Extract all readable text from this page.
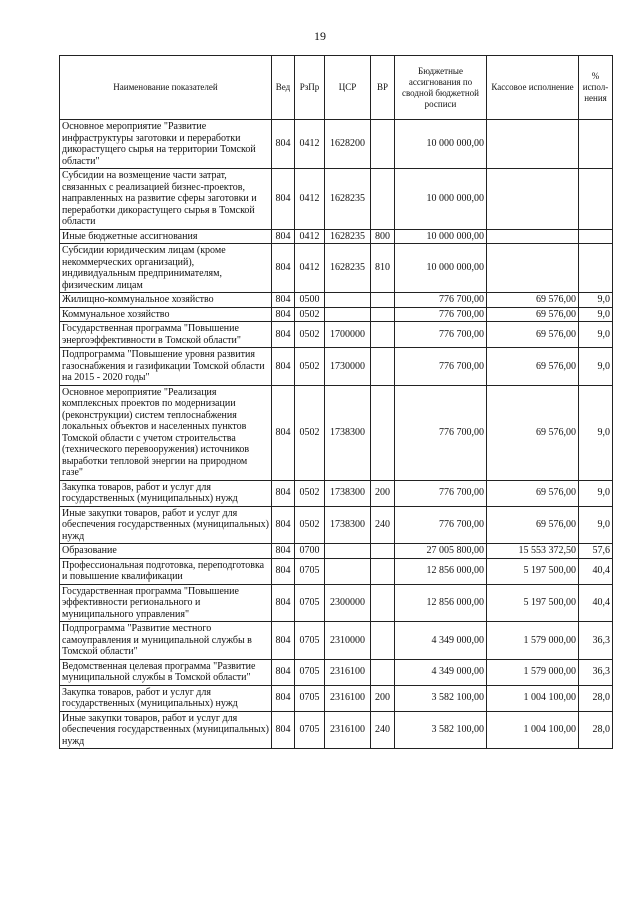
19
Наименование показателей	Вед	РзПр	ЦСР	ВР	Бюджетные ассигнования по сводной бюджетной росписи	Кассовое исполнение	% испол-нения
Основное мероприятие "Развитие инфраструктуры заготовки и переработки дикорастущего сырья на территории Томской области"	804	0412	1628200		10 000 000,00		
Субсидии на возмещение части затрат, связанных с реализацией бизнес-проектов, направленных на развитие сферы заготовки и переработки дикорастущего сырья в Томской области	804	0412	1628235		10 000 000,00		
Иные бюджетные ассигнования	804	0412	1628235	800	10 000 000,00		
Субсидии юридическим лицам (кроме некоммерческих организаций), индивидуальным предпринимателям, физическим лицам	804	0412	1628235	810	10 000 000,00		
Жилищно-коммунальное хозяйство	804	0500			776 700,00	69 576,00	9,0
Коммунальное хозяйство	804	0502			776 700,00	69 576,00	9,0
Государственная программа "Повышение энергоэффективности в Томской области"	804	0502	1700000		776 700,00	69 576,00	9,0
Подпрограмма "Повышение уровня развития газоснабжения и газификации Томской области на 2015 - 2020 годы"	804	0502	1730000		776 700,00	69 576,00	9,0
Основное мероприятие "Реализация комплексных проектов по модернизации (реконструкции) систем теплоснабжения локальных объектов и населенных пунктов Томской области с учетом строительства (технического перевооружения) источников выработки тепловой энергии на природном газе"	804	0502	1738300		776 700,00	69 576,00	9,0
Закупка товаров, работ и услуг для государственных (муниципальных) нужд	804	0502	1738300	200	776 700,00	69 576,00	9,0
Иные закупки товаров, работ и услуг для обеспечения государственных (муниципальных) нужд	804	0502	1738300	240	776 700,00	69 576,00	9,0
Образование	804	0700			27 005 800,00	15 553 372,50	57,6
Профессиональная подготовка, переподготовка и повышение квалификации	804	0705			12 856 000,00	5 197 500,00	40,4
Государственная программа "Повышение эффективности регионального и муниципального управления"	804	0705	2300000		12 856 000,00	5 197 500,00	40,4
Подпрограмма "Развитие местного самоуправления и муниципальной службы в Томской области"	804	0705	2310000		4 349 000,00	1 579 000,00	36,3
Ведомственная целевая программа "Развитие муниципальной службы в Томской области"	804	0705	2316100		4 349 000,00	1 579 000,00	36,3
Закупка товаров, работ и услуг для государственных (муниципальных) нужд	804	0705	2316100	200	3 582 100,00	1 004 100,00	28,0
Иные закупки товаров, работ и услуг для обеспечения государственных (муниципальных) нужд	804	0705	2316100	240	3 582 100,00	1 004 100,00	28,0
